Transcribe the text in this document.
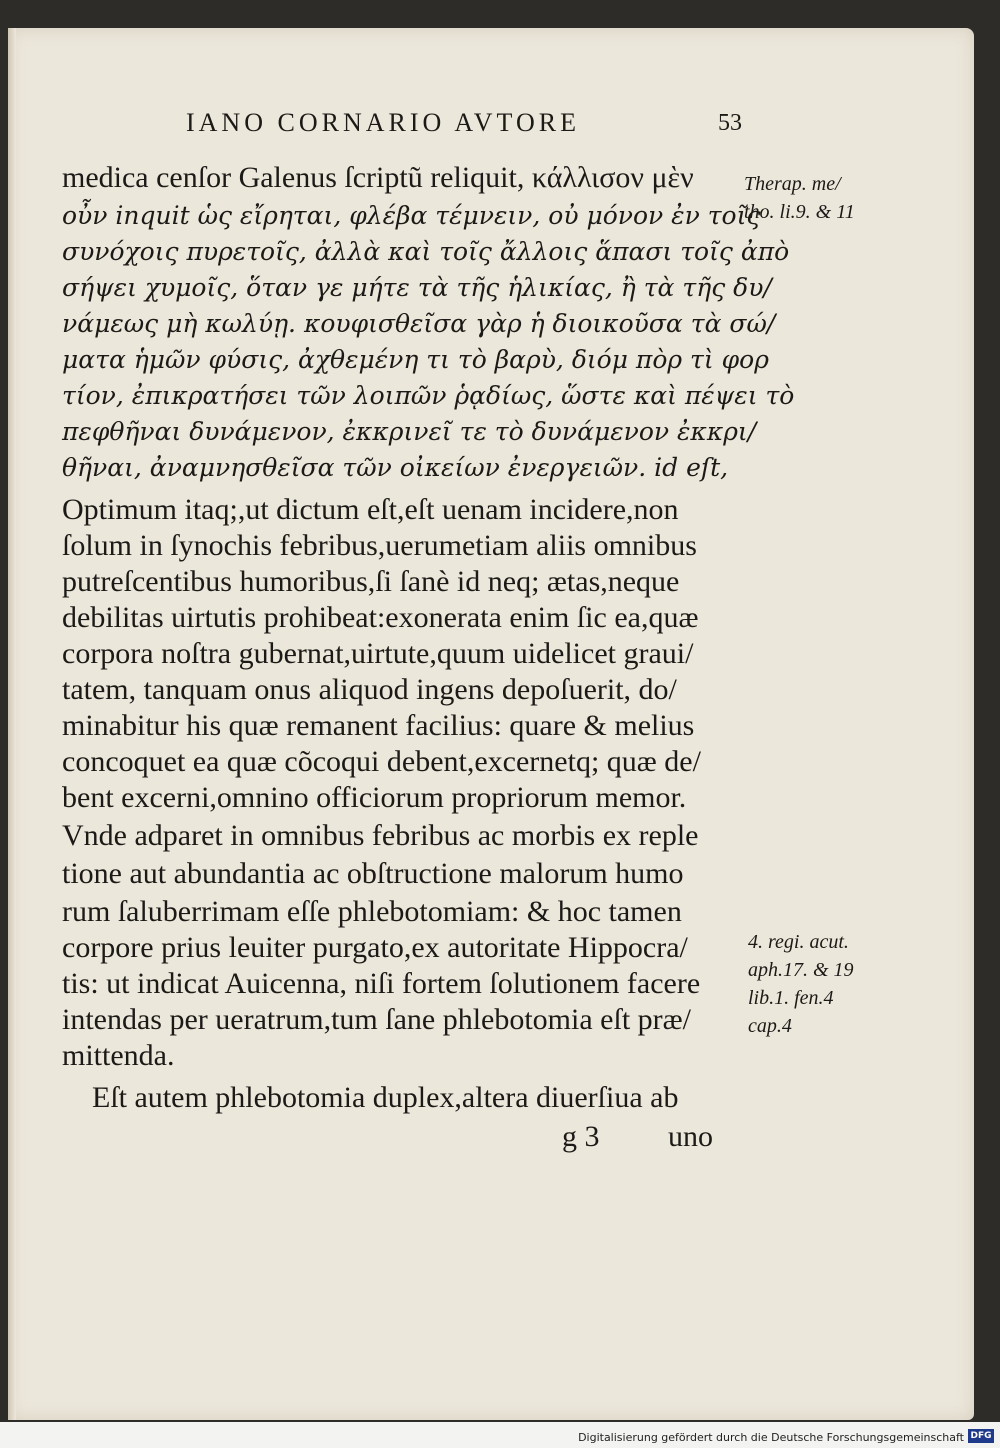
IANO CORNARIO AVTORE	53
medica cenſor Galenus ſcriptũ reliquit, κάλλισον μὲν
οὖν inquit ὡς εἴρηται, φλέβα τέμνειν, οὐ μόνον ἐν τοῖς
συνόχοις πυρετοῖς, ἀλλὰ καὶ τοῖς ἄλλοις ἅπασι τοῖς ἀπὸ
σήψει χυμοῖς, ὅταν γε μήτε τὰ τῆς ἡλικίας, ἢ τὰ τῆς δυ/
νάμεως μὴ κωλύῃ. κουφισθεῖσα γὰρ ἡ διοικοῦσα τὰ σώ/
ματα ἡμῶν φύσις, ἀχθεμένη τι τὸ βαρὺ, διόμ πὸρ τὶ φορ
τίον, ἐπικρατήσει τῶν λοιπῶν ῥᾳδίως, ὥστε καὶ πέψει τὸ
πεφθῆναι δυνάμενον, ἐκκρινεῖ τε τὸ δυνάμενον ἐκκρι/
θῆναι, ἀναμνησθεῖσα τῶν οἰκείων ἐνεργειῶν. id eſt,
Optimum itaq;,ut dictum eſt,eſt uenam incidere,non
ſolum in ſynochis febribus,uerumetiam aliis omnibus
putreſcentibus humoribus,ſi ſanè id neq; ætas,neque
debilitas uirtutis prohibeat:exonerata enim ſic ea,quæ
corpora noſtra gubernat,uirtute,quum uidelicet graui/
tatem, tanquam onus aliquod ingens depoſuerit, do/
minabitur his quæ remanent facilius: quare & melius
concoquet ea quæ cõcoqui debent,excernetq; quæ de/
bent excerni,omnino officiorum propriorum memor.
Vnde adparet in omnibus febribus ac morbis ex reple
tione aut abundantia ac obſtructione malorum humo
rum ſaluberrimam eſſe phlebotomiam: & hoc tamen
corpore prius leuiter purgato,ex autoritate Hippocra/
tis: ut indicat Auicenna, niſi fortem ſolutionem facere
intendas per ueratrum,tum ſane phlebotomia eſt præ/
mittenda.
Eſt autem phlebotomia duplex,altera diuerſiua ab
g 3 uno
Therap. me/
tho. li.9. & 11
4. regi. acut.
aph.17. & 19
lib.1. fen.4
cap.4
Digitalisierung gefördert durch die Deutsche Forschungsgemeinschaft DFG
